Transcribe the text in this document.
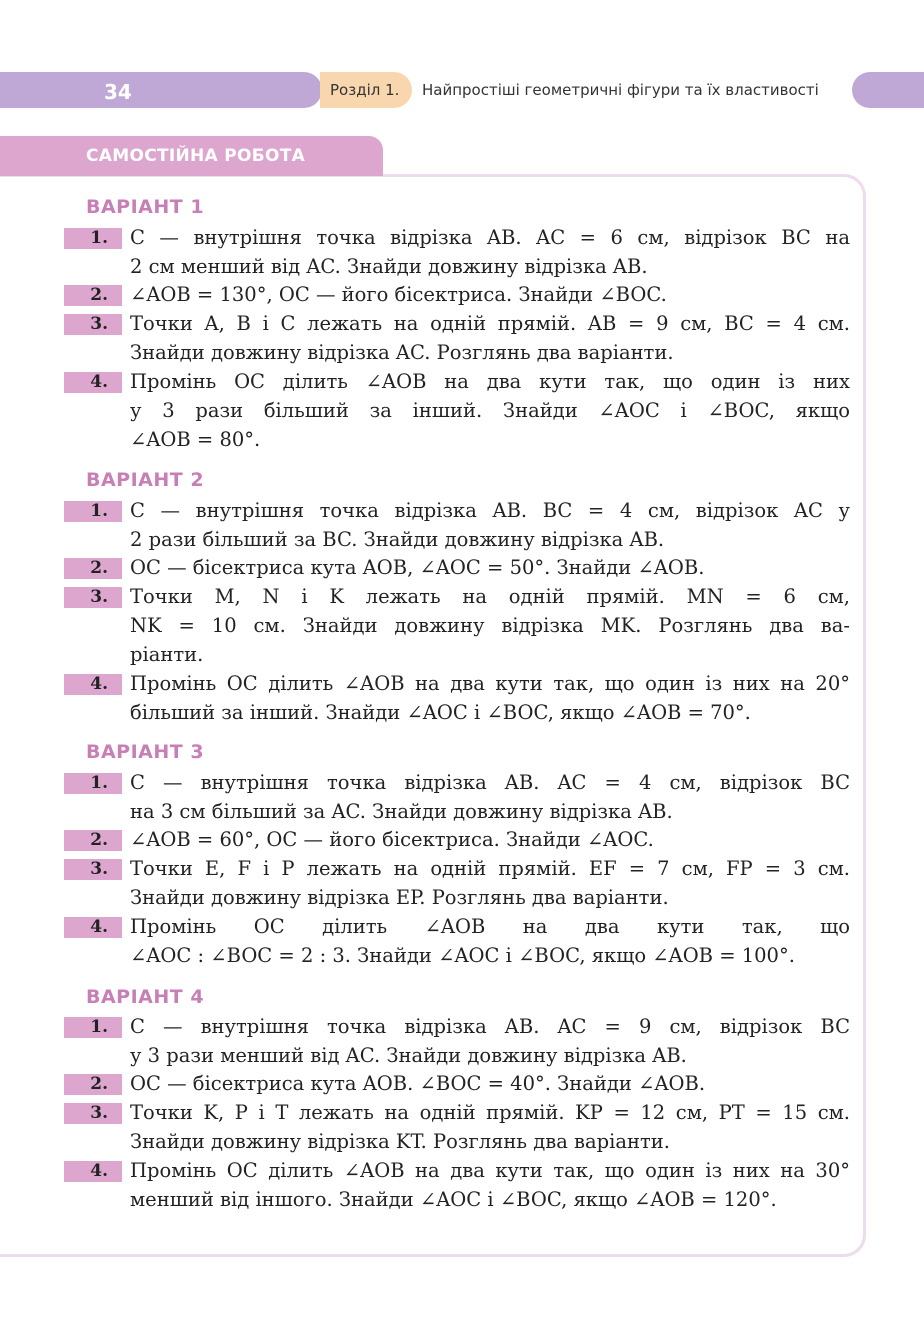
34	Розділ 1.	Найпростіші геометричні фігури та їх властивості
САМОСТІЙНА РОБОТА
ВАРІАНТ 1
1.	C — внутрішня точка відрізка AB. AC = 6 см, відрізок BC на
2 см менший від AC. Знайди довжину відрізка AB.
2.	∠AOB = 130°, OC — його бісектриса. Знайди ∠BOC.
3.	Точки A, B і C лежать на одній прямій. AB = 9 см, BC = 4 см.
Знайди довжину відрізка AC. Розглянь два варіанти.
4.	Промінь OC ділить ∠AOB на два кути так, що один із них
у 3 рази більший за інший. Знайди ∠AOC і ∠BOC, якщо
∠AOB = 80°.
ВАРІАНТ 2
1.	C — внутрішня точка відрізка AB. BC = 4 см, відрізок AC у
2 рази більший за BC. Знайди довжину відрізка AB.
2.	OC — бісектриса кута AOB, ∠AOC = 50°. Знайди ∠AOB.
3.	Точки M, N і K лежать на одній прямій. MN = 6 см,
NK = 10 см. Знайди довжину відрізка MK. Розглянь два ва-
ріанти.
4.	Промінь OC ділить ∠AOB на два кути так, що один із них на 20°
більший за інший. Знайди ∠AOC і ∠BOC, якщо ∠AOB = 70°.
ВАРІАНТ 3
1.	C — внутрішня точка відрізка AB. AC = 4 см, відрізок BC
на 3 см більший за AC. Знайди довжину відрізка AB.
2.	∠AOB = 60°, OC — його бісектриса. Знайди ∠AOC.
3.	Точки E, F і P лежать на одній прямій. EF = 7 см, FP = 3 см.
Знайди довжину відрізка EP. Розглянь два варіанти.
4.	Промінь OC ділить ∠AOB на два кути так, що
∠AOC : ∠BOC = 2 : 3. Знайди ∠AOC і ∠BOC, якщо ∠AOB = 100°.
ВАРІАНТ 4
1.	C — внутрішня точка відрізка AB. AC = 9 см, відрізок BC
у 3 рази менший від AC. Знайди довжину відрізка AB.
2.	OC — бісектриса кута AOB. ∠BOC = 40°. Знайди ∠AOB.
3.	Точки K, P і T лежать на одній прямій. KP = 12 см, PT = 15 см.
Знайди довжину відрізка KT. Розглянь два варіанти.
4.	Промінь OC ділить ∠AOB на два кути так, що один із них на 30°
менший від іншого. Знайди ∠AOC і ∠BOC, якщо ∠AOB = 120°.
